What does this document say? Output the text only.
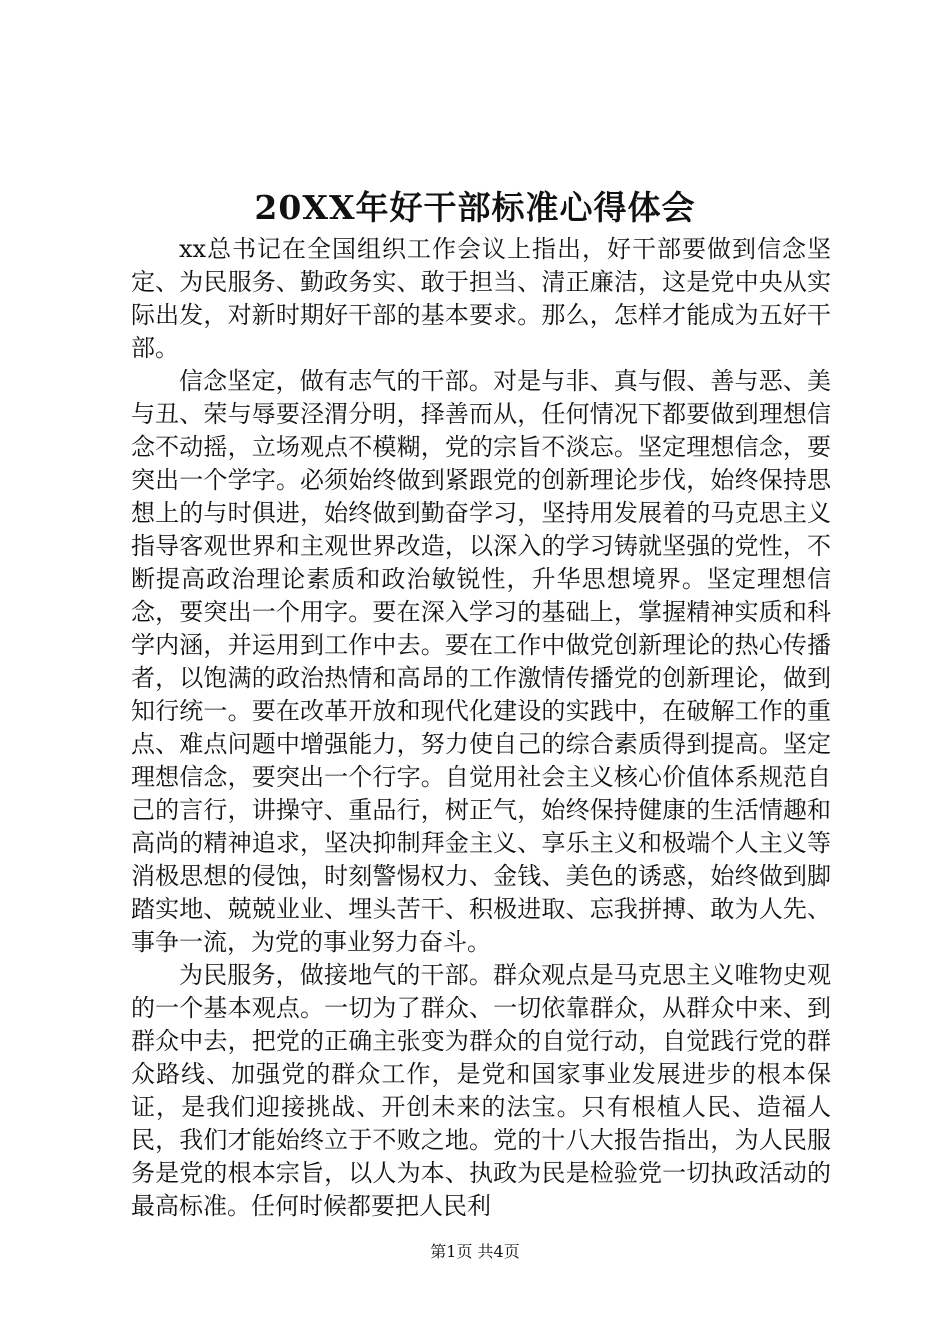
20XX年好干部标准心得体会

xx总书记在全国组织工作会议上指出，好干部要做到信念坚定、为民服务、勤政务实、敢于担当、清正廉洁，这是党中央从实际出发，对新时期好干部的基本要求。那么，怎样才能成为五好干部。

信念坚定，做有志气的干部。对是与非、真与假、善与恶、美与丑、荣与辱要泾渭分明，择善而从，任何情况下都要做到理想信念不动摇，立场观点不模糊，党的宗旨不淡忘。坚定理想信念，要突出一个学字。必须始终做到紧跟党的创新理论步伐，始终保持思想上的与时俱进，始终做到勤奋学习，坚持用发展着的马克思主义指导客观世界和主观世界改造，以深入的学习铸就坚强的党性，不断提高政治理论素质和政治敏锐性，升华思想境界。坚定理想信念，要突出一个用字。要在深入学习的基础上，掌握精神实质和科学内涵，并运用到工作中去。要在工作中做党创新理论的热心传播者，以饱满的政治热情和高昂的工作激情传播党的创新理论，做到知行统一。要在改革开放和现代化建设的实践中，在破解工作的重点、难点问题中增强能力，努力使自己的综合素质得到提高。坚定理想信念，要突出一个行字。自觉用社会主义核心价值体系规范自己的言行，讲操守、重品行，树正气，始终保持健康的生活情趣和高尚的精神追求，坚决抑制拜金主义、享乐主义和极端个人主义等消极思想的侵蚀，时刻警惕权力、金钱、美色的诱惑，始终做到脚踏实地、兢兢业业、埋头苦干、积极进取、忘我拼搏、敢为人先、事争一流，为党的事业努力奋斗。

为民服务，做接地气的干部。群众观点是马克思主义唯物史观的一个基本观点。一切为了群众、一切依靠群众，从群众中来、到群众中去，把党的正确主张变为群众的自觉行动，自觉践行党的群众路线、加强党的群众工作，是党和国家事业发展进步的根本保证，是我们迎接挑战、开创未来的法宝。只有根植人民、造福人民，我们才能始终立于不败之地。党的十八大报告指出，为人民服务是党的根本宗旨，以人为本、执政为民是检验党一切执政活动的最高标准。任何时候都要把人民利

第1页 共4页
